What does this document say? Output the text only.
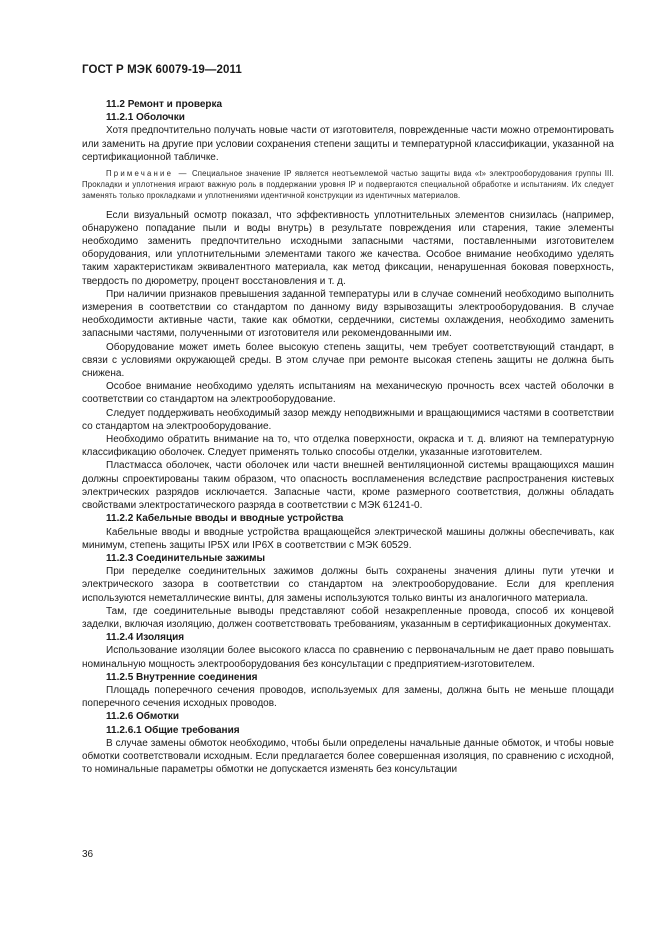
ГОСТ Р МЭК 60079-19—2011
11.2 Ремонт и проверка
11.2.1 Оболочки
Хотя предпочтительно получать новые части от изготовителя, поврежденные части можно отремонтировать или заменить на другие при условии сохранения степени защиты и температурной классификации, указанной на сертификационной табличке.
Примечание — Специальное значение IP является неотъемлемой частью защиты вида «t» электрооборудования группы III. Прокладки и уплотнения играют важную роль в поддержании уровня IP и подвергаются специальной обработке и испытаниям. Их следует заменять только прокладками и уплотнениями идентичной конструкции из идентичных материалов.
Если визуальный осмотр показал, что эффективность уплотнительных элементов снизилась (например, обнаружено попадание пыли и воды внутрь) в результате повреждения или старения, такие элементы необходимо заменить предпочтительно исходными запасными частями, поставленными изготовителем оборудования, или уплотнительными элементами такого же качества. Особое внимание необходимо уделять таким характеристикам эквивалентного материала, как метод фиксации, ненарушенная боковая поверхность, твердость по дюрометру, процент восстановления и т. д.
При наличии признаков превышения заданной температуры или в случае сомнений необходимо выполнить измерения в соответствии со стандартом по данному виду взрывозащиты электрооборудования. В случае необходимости активные части, такие как обмотки, сердечники, системы охлаждения, необходимо заменить запасными частями, полученными от изготовителя или рекомендованными им.
Оборудование может иметь более высокую степень защиты, чем требует соответствующий стандарт, в связи с условиями окружающей среды. В этом случае при ремонте высокая степень защиты не должна быть снижена.
Особое внимание необходимо уделять испытаниям на механическую прочность всех частей оболочки в соответствии со стандартом на электрооборудование.
Следует поддерживать необходимый зазор между неподвижными и вращающимися частями в соответствии со стандартом на электрооборудование.
Необходимо обратить внимание на то, что отделка поверхности, окраска и т. д. влияют на температурную классификацию оболочек. Следует применять только способы отделки, указанные изготовителем.
Пластмасса оболочек, части оболочек или части внешней вентиляционной системы вращающихся машин должны спроектированы таким образом, что опасность воспламенения вследствие распространения кистевых электрических разрядов исключается. Запасные части, кроме размерного соответствия, должны обладать свойствами электростатического разряда в соответствии с МЭК 61241-0.
11.2.2 Кабельные вводы и вводные устройства
Кабельные вводы и вводные устройства вращающейся электрической машины должны обеспечивать, как минимум, степень защиты IP5X или IP6X в соответствии с МЭК 60529.
11.2.3 Соединительные зажимы
При переделке соединительных зажимов должны быть сохранены значения длины пути утечки и электрического зазора в соответствии со стандартом на электрооборудование. Если для крепления используются неметаллические винты, для замены используются только винты из аналогичного материала.
Там, где соединительные выводы представляют собой незакрепленные провода, способ их концевой заделки, включая изоляцию, должен соответствовать требованиям, указанным в сертификационных документах.
11.2.4 Изоляция
Использование изоляции более высокого класса по сравнению с первоначальным не дает право повышать номинальную мощность электрооборудования без консультации с предприятием-изготовителем.
11.2.5 Внутренние соединения
Площадь поперечного сечения проводов, используемых для замены, должна быть не меньше площади поперечного сечения исходных проводов.
11.2.6 Обмотки
11.2.6.1 Общие требования
В случае замены обмоток необходимо, чтобы были определены начальные данные обмоток, и чтобы новые обмотки соответствовали исходным. Если предлагается более совершенная изоляция, по сравнению с исходной, то номинальные параметры обмотки не допускается изменять без консультации
36
